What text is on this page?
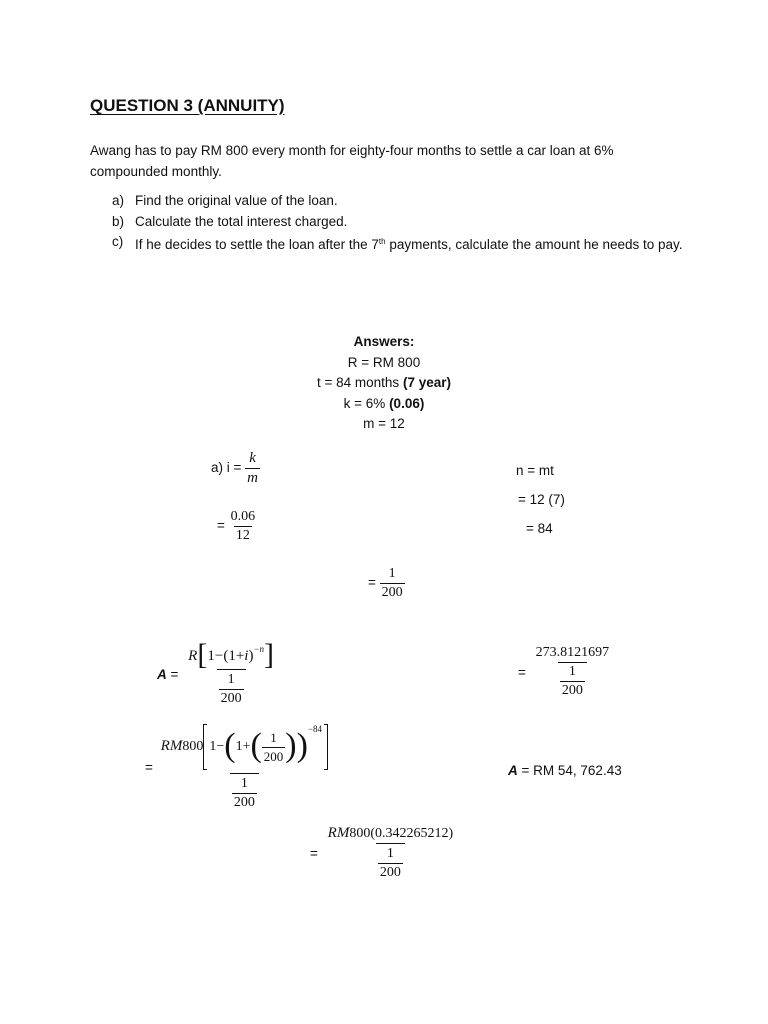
QUESTION 3 (ANNUITY)
Awang has to pay RM 800 every month for eighty-four months to settle a car loan at 6% compounded monthly.
a) Find the original value of the loan.
b) Calculate the total interest charged.
c) If he decides to settle the loan after the 7th payments, calculate the amount he needs to pay.
Answers:
R = RM 800
t = 84 months (7 year)
k = 6% (0.06)
m = 12
a) $i = \frac{k}{m}$
= $\frac{0.06}{12}$
= $\frac{1}{200}$
n = mt
= 12 (7)
= 84
$A = \frac{R[1-(1+i)^{-n}]}{\frac{1}{200}}$	= $\frac{273.8121697}{\frac{1}{200}}$
= $\frac{RM800 1-(1+( \frac{1}{200} ))^{-84}}{\frac{1}{200}}$	A = RM 54, 762.43
= $\frac{RM800(0.342265212)}{\frac{1}{200}}$
